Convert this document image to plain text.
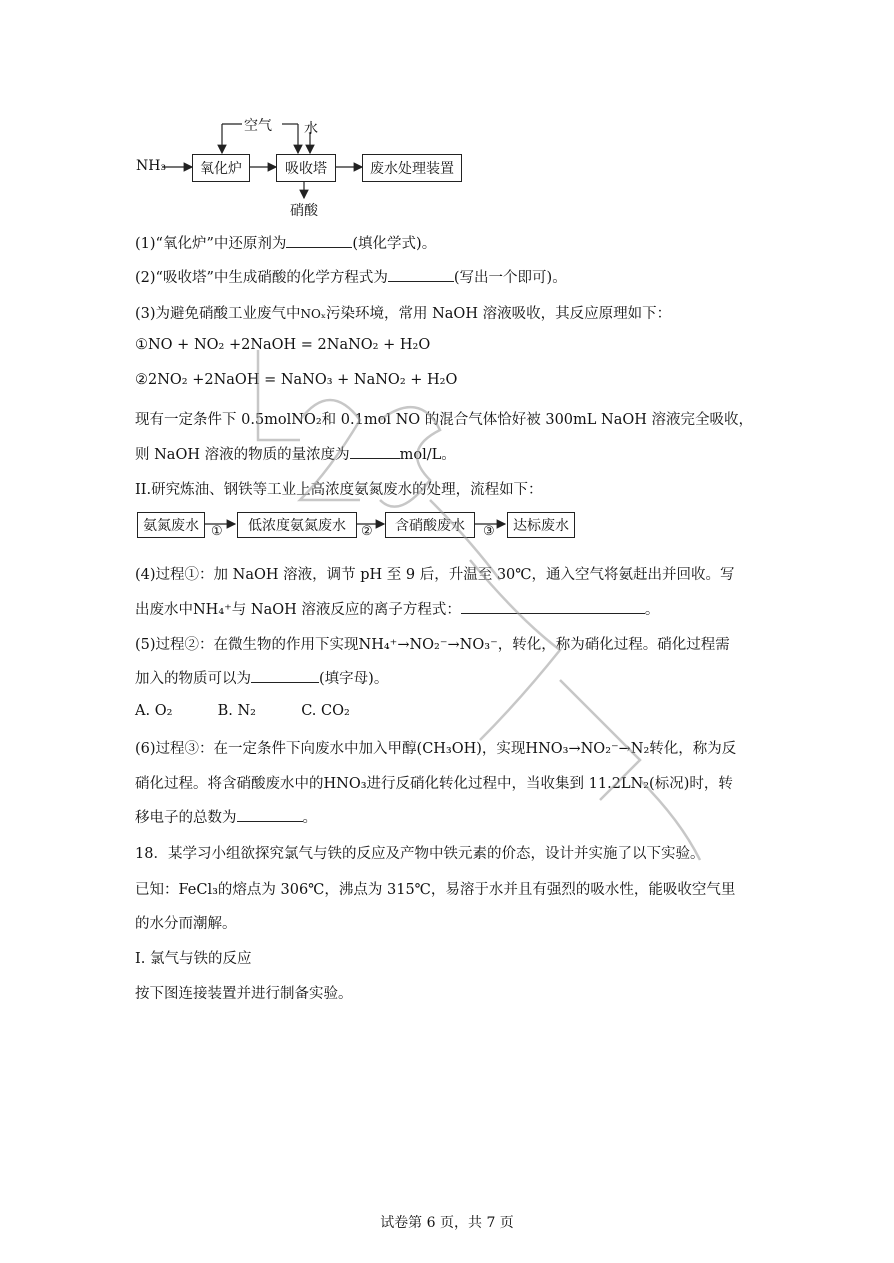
NH₃	氧化炉	吸收塔	废水处理装置
空气 水
硝酸
(1)“氧化炉”中还原剂为	(填化学式)。
(2)“吸收塔”中生成硝酸的化学方程式为	(写出一个即可)。
(3)为避免硝酸工业废气中NOₓ污染环境，常用 NaOH 溶液吸收，其反应原理如下：
①NO + NO₂ +2NaOH = 2NaNO₂ + H₂O
②2NO₂ +2NaOH = NaNO₃ + NaNO₂ + H₂O
现有一定条件下 0.5molNO₂和 0.1mol NO 的混合气体恰好被 300mL NaOH 溶液完全吸收，
则 NaOH 溶液的物质的量浓度为	mol/L。
II.研究炼油、钢铁等工业上高浓度氨氮废水的处理，流程如下：
氨氮废水	低浓度氨氮废水	含硝酸废水	达标废水
①	②	③
(4)过程①：加 NaOH 溶液，调节 pH 至 9 后，升温至 30℃，通入空气将氨赶出并回收。写
出废水中NH₄⁺与 NaOH 溶液反应的离子方程式：	。
(5)过程②：在微生物的作用下实现NH₄⁺→NO₂⁻→NO₃⁻，转化，称为硝化过程。硝化过程需
加入的物质可以为	(填字母)。
A. O₂	B. N₂	C. CO₂
(6)过程③：在一定条件下向废水中加入甲醇(CH₃OH)，实现HNO₃→NO₂⁻→N₂转化，称为反
硝化过程。将含硝酸废水中的HNO₃进行反硝化转化过程中，当收集到 11.2LN₂(标况)时，转
移电子的总数为	。
18．某学习小组欲探究氯气与铁的反应及产物中铁元素的价态，设计并实施了以下实验。
已知：FeCl₃的熔点为 306℃，沸点为 315℃，易溶于水并且有强烈的吸水性，能吸收空气里
的水分而潮解。
I. 氯气与铁的反应
按下图连接装置并进行制备实验。
试卷第 6 页，共 7 页
